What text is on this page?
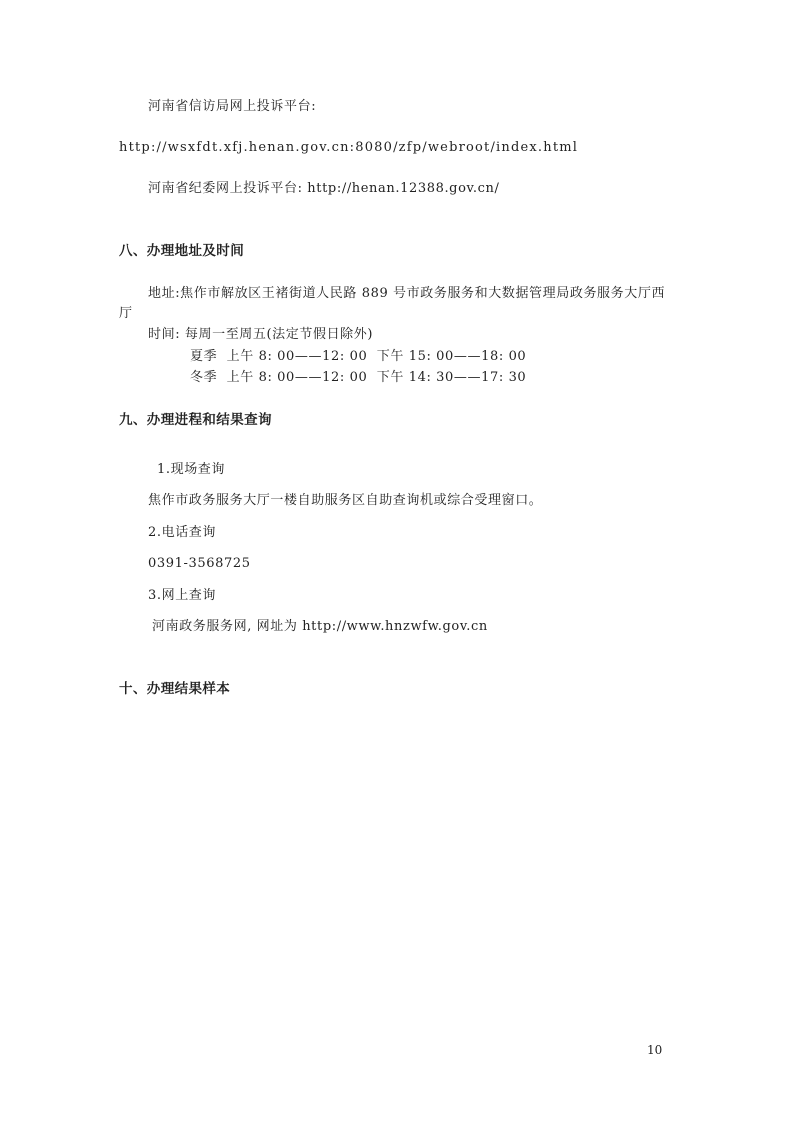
河南省信访局网上投诉平台:
http://wsxfdt.xfj.henan.gov.cn:8080/zfp/webroot/index.html
河南省纪委网上投诉平台: http://henan.12388.gov.cn/
八、办理地址及时间
地址:焦作市解放区王褚街道人民路 889 号市政务服务和大数据管理局政务服务大厅西
厅
时间: 每周一至周五(法定节假日除外)
夏季  上午 8: 00——12: 00  下午 15: 00——18: 00
冬季  上午 8: 00——12: 00  下午 14: 30——17: 30
九、办理进程和结果查询
1.现场查询
焦作市政务服务大厅一楼自助服务区自助查询机或综合受理窗口。
2.电话查询
0391-3568725
3.网上查询
河南政务服务网, 网址为 http://www.hnzwfw.gov.cn
十、办理结果样本
10
